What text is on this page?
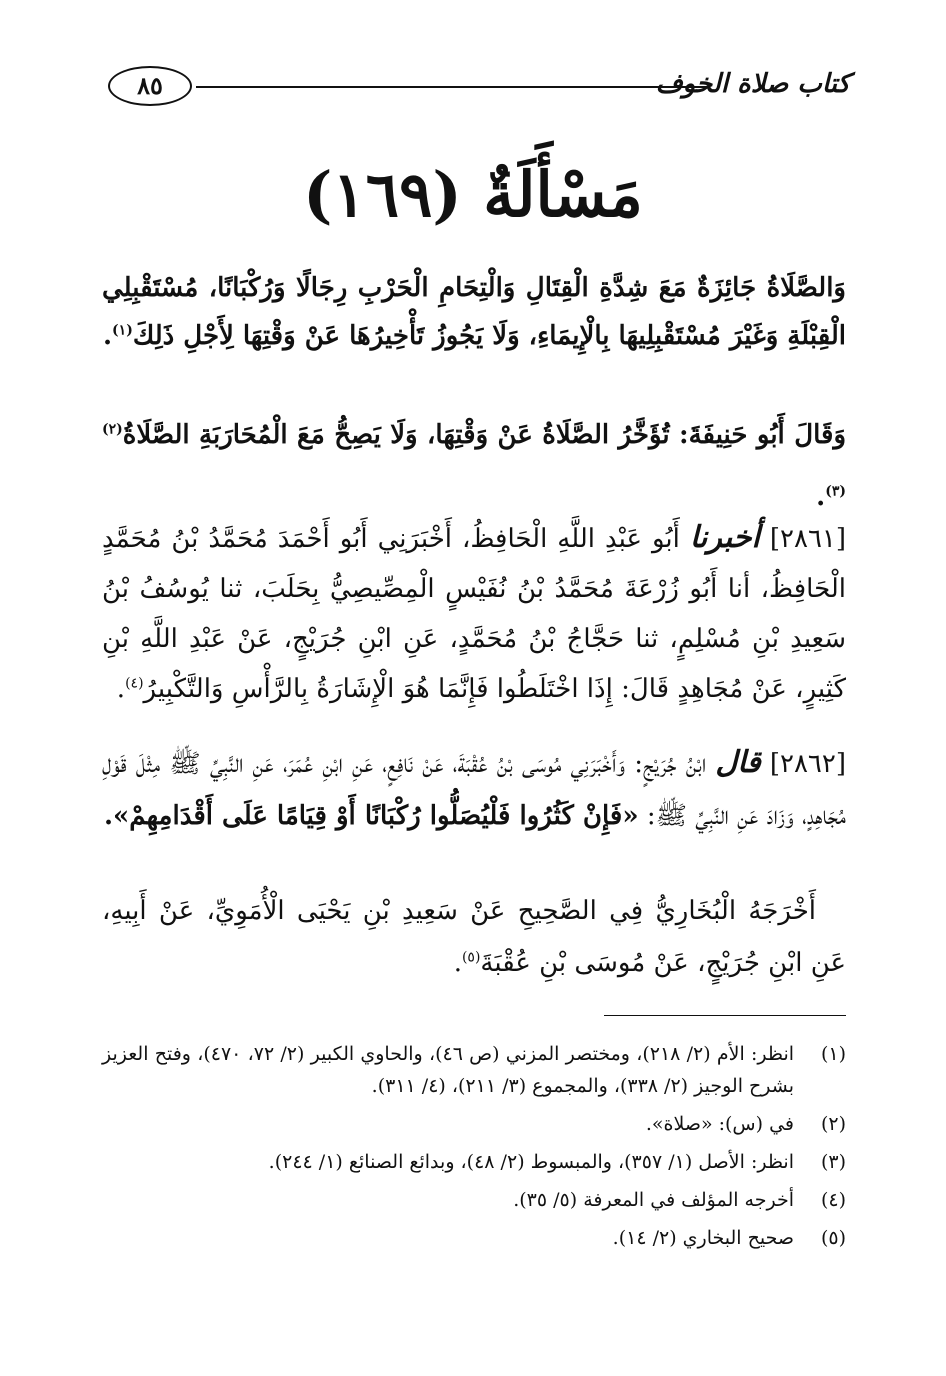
كتاب صلاة الخوف
٨٥
مَسْأَلَةٌ (١٦٩)
وَالصَّلَاةُ جَائِزَةٌ مَعَ شِدَّةِ الْقِتَالِ وَالْتِحَامِ الْحَرْبِ رِجَالًا وَرُكْبَانًا، مُسْتَقْبِلِي الْقِبْلَةِ وَغَيْرَ مُسْتَقْبِلِيهَا بِالْإِيمَاءِ، وَلَا يَجُوزُ تَأْخِيرُهَا عَنْ وَقْتِهَا لِأَجْلِ ذَلِكَ$^{(١)}$.
وَقَالَ أَبُو حَنِيفَةَ: تُؤَخَّرُ الصَّلَاةُ عَنْ وَقْتِهَا، وَلَا يَصِحُّ مَعَ الْمُحَارَبَةِ الصَّلَاةُ$^{(٢)(٣)}$.
[٢٨٦١] أخبرنا أَبُو عَبْدِ اللَّهِ الْحَافِظُ، أَخْبَرَنِي أَبُو أَحْمَدَ مُحَمَّدُ بْنُ مُحَمَّدٍ الْحَافِظُ، أنا أَبُو زُرْعَةَ مُحَمَّدُ بْنُ نُفَيْسٍ الْمِصِّيصِيُّ بِحَلَبَ، ثنا يُوسُفُ بْنُ سَعِيدِ بْنِ مُسْلِمٍ، ثنا حَجَّاجُ بْنُ مُحَمَّدٍ، عَنِ ابْنِ جُرَيْجٍ، عَنْ عَبْدِ اللَّهِ بْنِ كَثِيرٍ، عَنْ مُجَاهِدٍ قَالَ: إِذَا اخْتَلَطُوا فَإِنَّمَا هُوَ الْإِشَارَةُ بِالرَّأْسِ وَالتَّكْبِيرُ$^{(٤)}$.
[٢٨٦٢] قال ابْنُ جُرَيْجٍ: وَأَخْبَرَنِي مُوسَى بْنُ عُقْبَةَ، عَنْ نَافِعٍ، عَنِ ابْنِ عُمَرَ، عَنِ النَّبِيِّ ﷺ مِثْلَ قَوْلِ مُجَاهِدٍ، وَزَادَ عَنِ النَّبِيِّ ﷺ: «فَإِنْ كَثُرُوا فَلْيُصَلُّوا رُكْبَانًا أَوْ قِيَامًا عَلَى أَقْدَامِهِمْ».
أَخْرَجَهُ الْبُخَارِيُّ فِي الصَّحِيحِ عَنْ سَعِيدِ بْنِ يَحْيَى الْأُمَوِيِّ، عَنْ أَبِيهِ، عَنِ ابْنِ جُرَيْجٍ، عَنْ مُوسَى بْنِ عُقْبَةَ$^{(٥)}$.
(١)
انظر: الأم (٢/ ٢١٨)، ومختصر المزني (ص ٤٦)، والحاوي الكبير (٢/ ٧٢، ٤٧٠)، وفتح العزيز بشرح الوجيز (٢/ ٣٣٨)، والمجموع (٣/ ٢١١)، (٤/ ٣١١).
(٢)
في (س): «صلاة».
(٣)
انظر: الأصل (١/ ٣٥٧)، والمبسوط (٢/ ٤٨)، وبدائع الصنائع (١/ ٢٤٤).
(٤)
أخرجه المؤلف في المعرفة (٥/ ٣٥).
(٥)
صحيح البخاري (٢/ ١٤).
